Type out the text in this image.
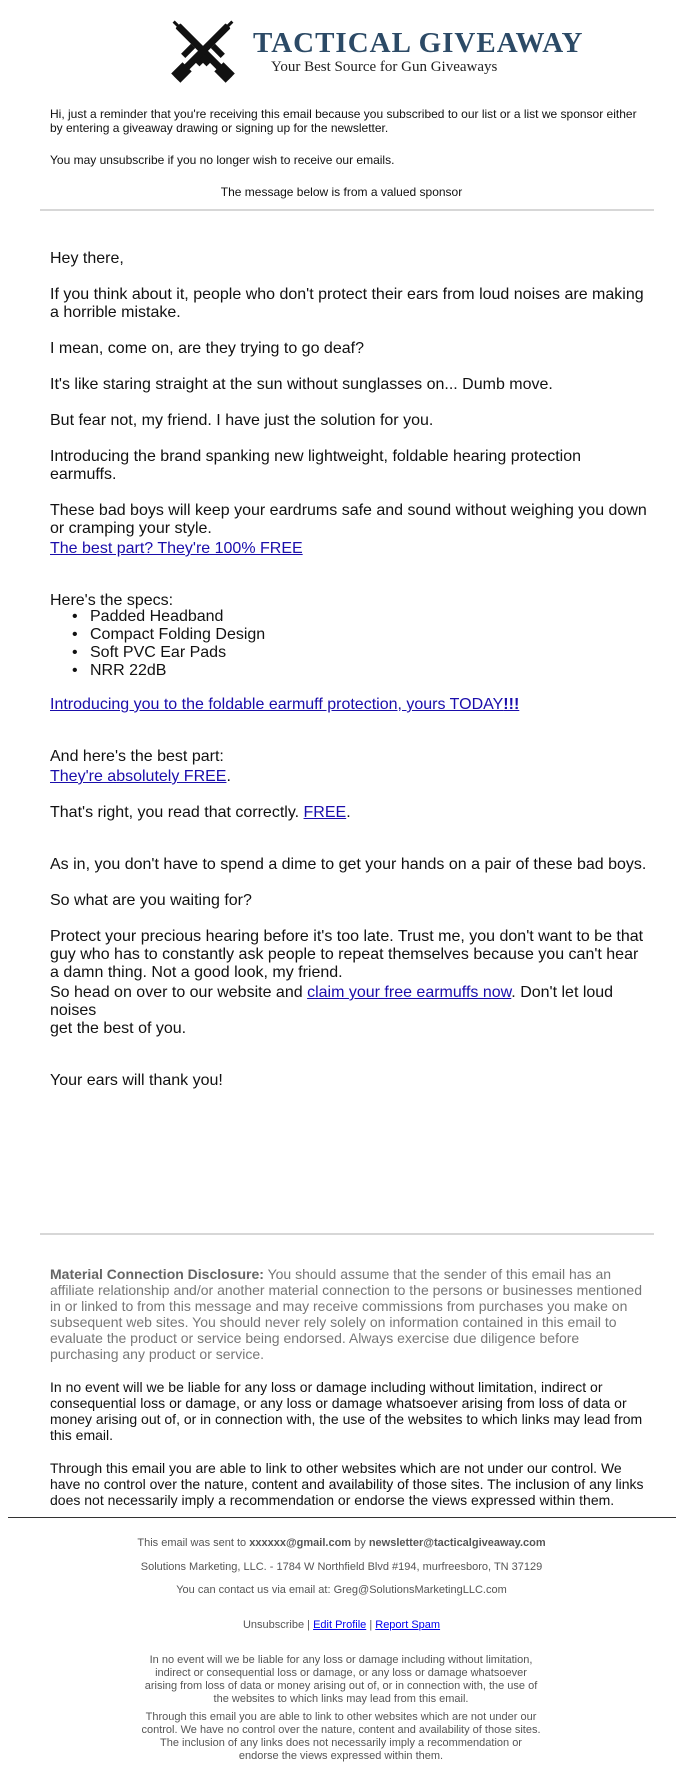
TACTICAL GIVEAWAY
Your Best Source for Gun Giveaways
Hi, just a reminder that you're receiving this email because you subscribed to our list or a list we sponsor either by entering a giveaway drawing or signing up for the newsletter.
You may unsubscribe if you no longer wish to receive our emails.
The message below is from a valued sponsor

Hey there,

If you think about it, people who don't protect their ears from loud noises are making a horrible mistake.

I mean, come on, are they trying to go deaf?

It's like staring straight at the sun without sunglasses on... Dumb move.

But fear not, my friend. I have just the solution for you.

Introducing the brand spanking new lightweight, foldable hearing protection earmuffs.

These bad boys will keep your eardrums safe and sound without weighing you down or cramping your style.

The best part? They're 100% FREE

Here's the specs:

• Padded Headband
• Compact Folding Design
• Soft PVC Ear Pads
• NRR 22dB
Introducing you to the foldable earmuff protection, yours TODAY!!!

And here's the best part:

They're absolutely FREE.
That's right, you read that correctly. FREE.

As in, you don't have to spend a dime to get your hands on a pair of these bad boys.

So what are you waiting for?

Protect your precious hearing before it's too late. Trust me, you don't want to be that guy who has to constantly ask people to repeat themselves because you can't hear a damn thing. Not a good look, my friend.

So head on over to our website and claim your free earmuffs now. Don't let loud noises
get the best of you.

Your ears will thank you!

Material Connection Disclosure: You should assume that the sender of this email has an affiliate relationship and/or another material connection to the persons or businesses mentioned in or linked to from this message and may receive commissions from purchases you make on subsequent web sites. You should never rely solely on information contained in this email to evaluate the product or service being endorsed. Always exercise due diligence before purchasing any product or service.
In no event will we be liable for any loss or damage including without limitation, indirect or consequential loss or damage, or any loss or damage whatsoever arising from loss of data or money arising out of, or in connection with, the use of the websites to which links may lead from this email.
Through this email you are able to link to other websites which are not under our control. We have no control over the nature, content and availability of those sites. The inclusion of any links does not necessarily imply a recommendation or endorse the views expressed within them.
This email was sent to xxxxxx@gmail.com by newsletter@tacticalgiveaway.com
Solutions Marketing, LLC. - 1784 W Northfield Blvd #194, murfreesboro, TN 37129
You can contact us via email at: Greg@SolutionsMarketingLLC.com
Unsubscribe | Edit Profile | Report Spam
In no event will we be liable for any loss or damage including without limitation, indirect or consequential loss or damage, or any loss or damage whatsoever arising from loss of data or money arising out of, or in connection with, the use of the websites to which links may lead from this email.
Through this email you are able to link to other websites which are not under our control. We have no control over the nature, content and availability of those sites. The inclusion of any links does not necessarily imply a recommendation or endorse the views expressed within them.
